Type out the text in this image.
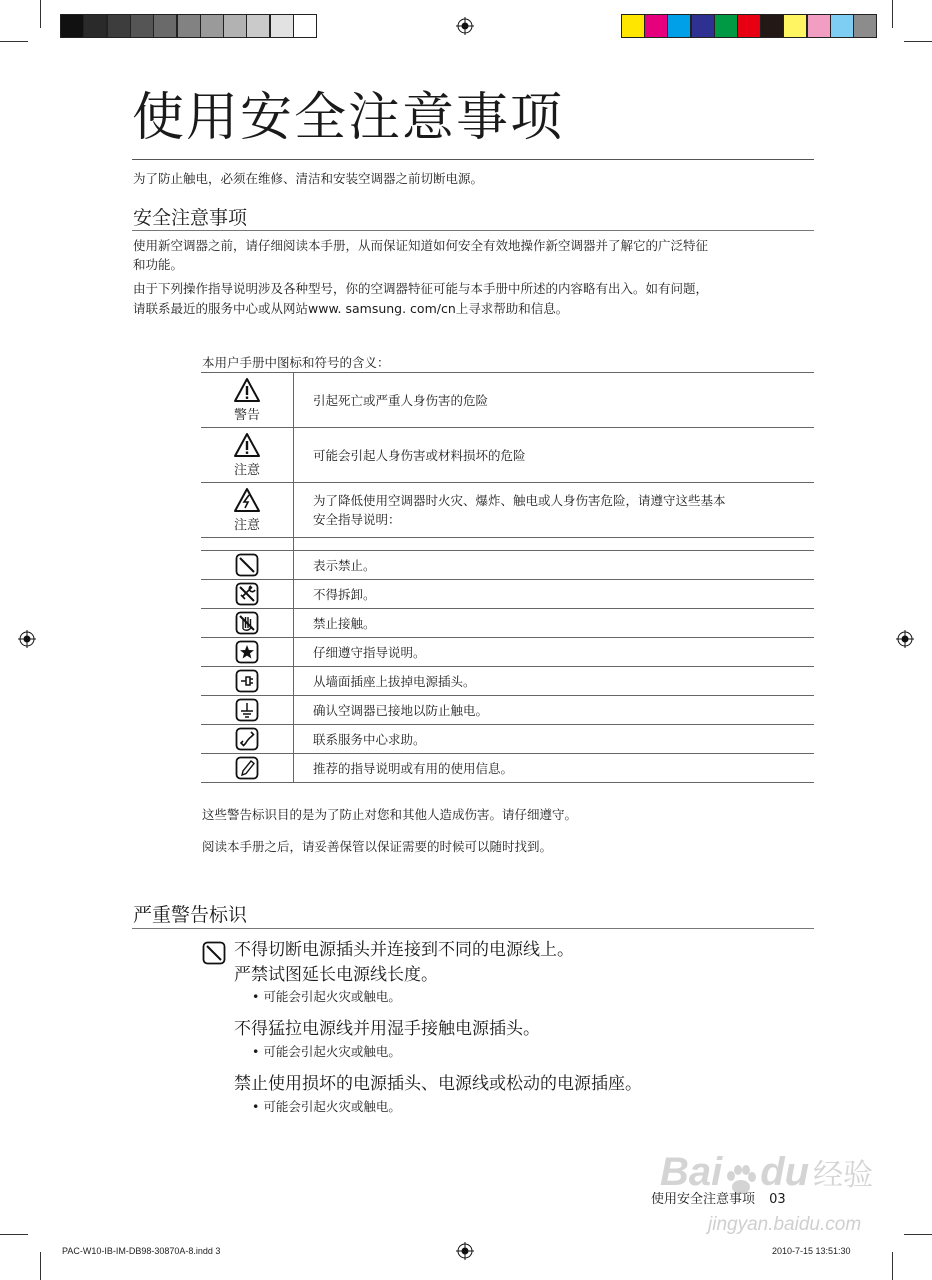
使用安全注意事项
为了防止触电，必须在维修、清洁和安装空调器之前切断电源。
安全注意事项
使用新空调器之前，请仔细阅读本手册，从而保证知道如何安全有效地操作新空调器并了解它的广泛特征
和功能。
由于下列操作指导说明涉及各种型号，你的空调器特征可能与本手册中所述的内容略有出入。如有问题，
请联系最近的服务中心或从网站www. samsung. com/cn上寻求帮助和信息。
本用户手册中图标和符号的含义：
警告
引起死亡或严重人身伤害的危险
注意
可能会引起人身伤害或材料损坏的危险
注意
为了降低使用空调器时火灾、爆炸、触电或人身伤害危险，请遵守这些基本
安全指导说明：
表示禁止。
不得拆卸。
禁止接触。
仔细遵守指导说明。
从墙面插座上拔掉电源插头。
确认空调器已接地以防止触电。
联系服务中心求助。
推荐的指导说明或有用的使用信息。
这些警告标识目的是为了防止对您和其他人造成伤害。请仔细遵守。
阅读本手册之后，请妥善保管以保证需要的时候可以随时找到。
严重警告标识
不得切断电源插头并连接到不同的电源线上。
严禁试图延长电源线长度。
• 可能会引起火灾或触电。
不得猛拉电源线并用湿手接触电源插头。
• 可能会引起火灾或触电。
禁止使用损坏的电源插头、电源线或松动的电源插座。
• 可能会引起火灾或触电。
Bai du 经验
jingyan.baidu.com
使用安全注意事项 03
PAC-W10-IB-IM-DB98-30870A-8.indd 3	2010-7-15 13:51:30
